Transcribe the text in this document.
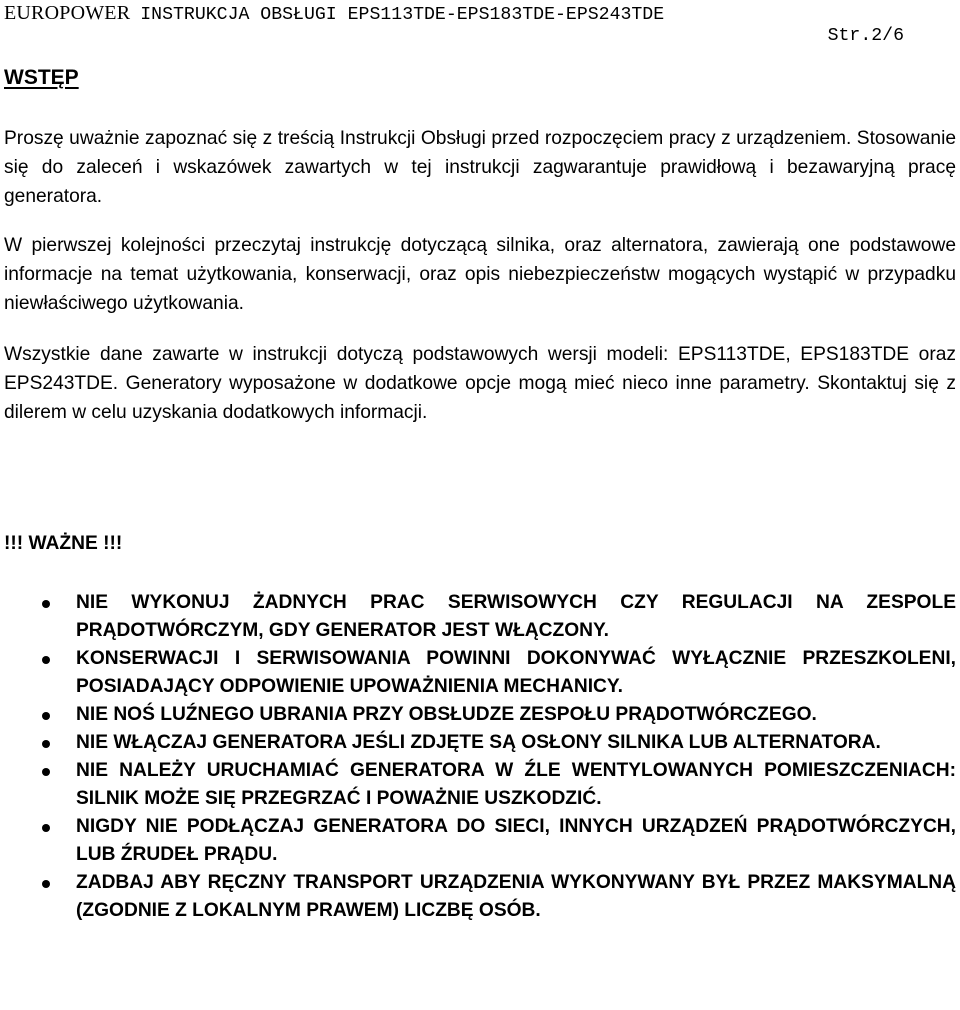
EUROPOWER INSTRUKCJA OBSŁUGI EPS113TDE-EPS183TDE-EPS243TDE
Str.2/6
WSTĘP
Proszę uważnie zapoznać się z treścią Instrukcji Obsługi przed rozpoczęciem pracy z urządzeniem. Stosowanie się do zaleceń i wskazówek zawartych w tej instrukcji zagwarantuje prawidłową i bezawaryjną pracę generatora.
W pierwszej kolejności przeczytaj instrukcję dotyczącą silnika, oraz alternatora, zawierają one podstawowe informacje na temat użytkowania, konserwacji, oraz opis niebezpieczeństw mogących wystąpić w przypadku niewłaściwego użytkowania.
Wszystkie dane zawarte w instrukcji dotyczą podstawowych wersji modeli: EPS113TDE, EPS183TDE oraz EPS243TDE. Generatory wyposażone w dodatkowe opcje mogą mieć nieco inne parametry. Skontaktuj się z dilerem w celu uzyskania dodatkowych informacji.
!!! WAŻNE !!!
NIE WYKONUJ ŻADNYCH PRAC SERWISOWYCH CZY REGULACJI NA ZESPOLE PRĄDOTWÓRCZYM, GDY GENERATOR JEST WŁĄCZONY.
KONSERWACJI I SERWISOWANIA POWINNI DOKONYWAĆ WYŁĄCZNIE PRZESZKOLENI, POSIADAJĄCY ODPOWIENIE UPOWAŻNIENIA MECHANICY.
NIE NOŚ LUŹNEGO UBRANIA PRZY OBSŁUDZE ZESPOŁU PRĄDOTWÓRCZEGO.
NIE WŁĄCZAJ GENERATORA JEŚLI ZDJĘTE SĄ OSŁONY SILNIKA LUB ALTERNATORA.
NIE NALEŻY URUCHAMIAĆ GENERATORA W ŹLE WENTYLOWANYCH POMIESZCZENIACH: SILNIK MOŻE SIĘ PRZEGRZAĆ I POWAŻNIE USZKODZIĆ.
NIGDY NIE PODŁĄCZAJ GENERATORA DO SIECI, INNYCH URZĄDZEŃ PRĄDOTWÓRCZYCH, LUB ŹRUDEŁ PRĄDU.
ZADBAJ ABY RĘCZNY TRANSPORT URZĄDZENIA WYKONYWANY BYŁ PRZEZ MAKSYMALNĄ (ZGODNIE Z LOKALNYM PRAWEM) LICZBĘ OSÓB.
